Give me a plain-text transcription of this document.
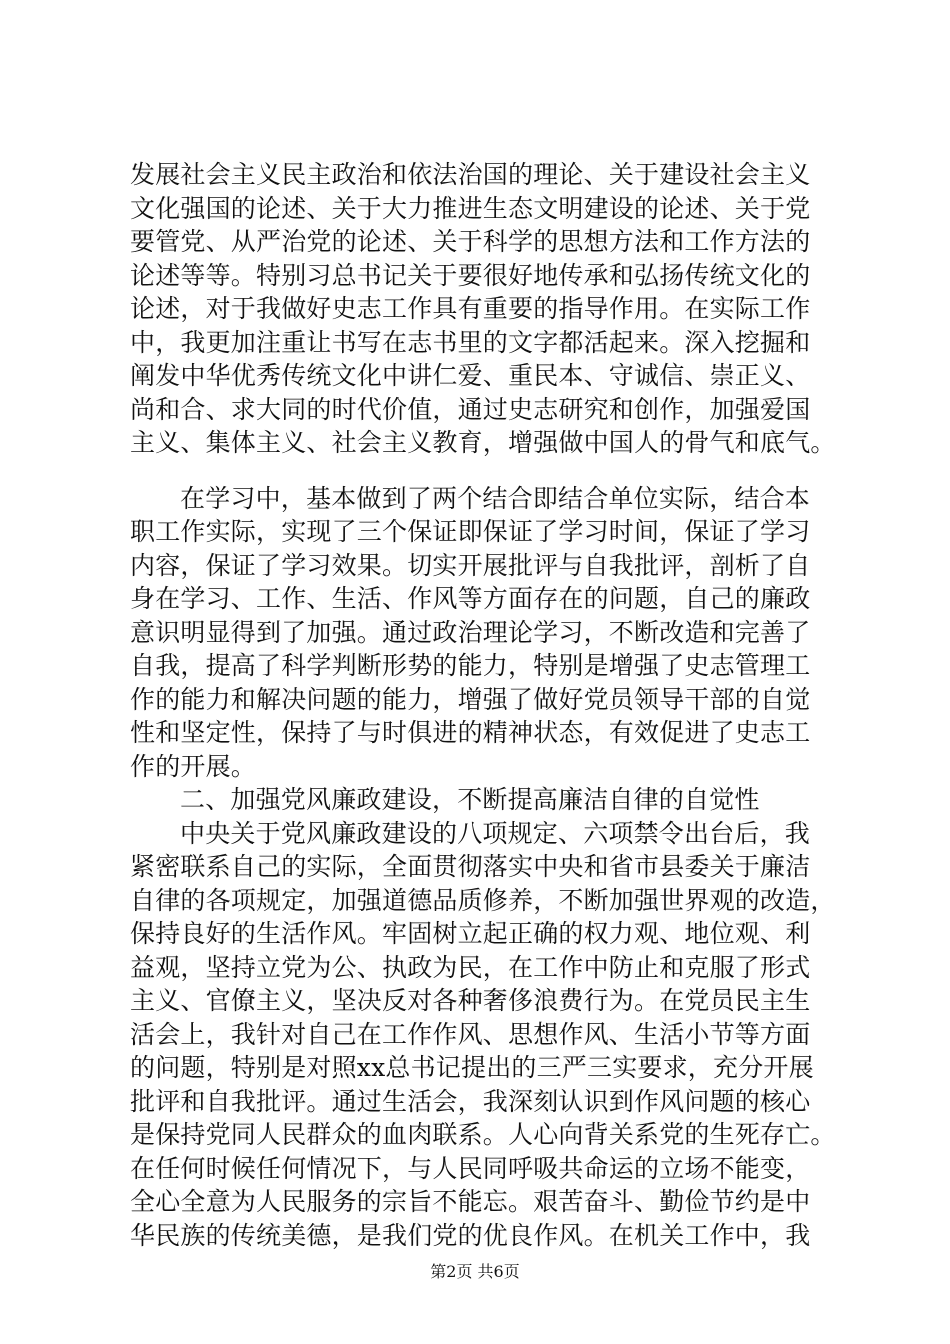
发展社会主义民主政治和依法治国的理论、关于建设社会主义
文化强国的论述、关于大力推进生态文明建设的论述、关于党
要管党、从严治党的论述、关于科学的思想方法和工作方法的
论述等等。特别习总书记关于要很好地传承和弘扬传统文化的
论述，对于我做好史志工作具有重要的指导作用。在实际工作
中，我更加注重让书写在志书里的文字都活起来。深入挖掘和
阐发中华优秀传统文化中讲仁爱、重民本、守诚信、崇正义、
尚和合、求大同的时代价值，通过史志研究和创作，加强爱国
主义、集体主义、社会主义教育，增强做中国人的骨气和底气。
在学习中，基本做到了两个结合即结合单位实际，结合本
职工作实际，实现了三个保证即保证了学习时间，保证了学习
内容，保证了学习效果。切实开展批评与自我批评，剖析了自
身在学习、工作、生活、作风等方面存在的问题，自己的廉政
意识明显得到了加强。通过政治理论学习，不断改造和完善了
自我，提高了科学判断形势的能力，特别是增强了史志管理工
作的能力和解决问题的能力，增强了做好党员领导干部的自觉
性和坚定性，保持了与时俱进的精神状态，有效促进了史志工
作的开展。
二、加强党风廉政建设，不断提高廉洁自律的自觉性
中央关于党风廉政建设的八项规定、六项禁令出台后，我
紧密联系自己的实际，全面贯彻落实中央和省市县委关于廉洁
自律的各项规定，加强道德品质修养，不断加强世界观的改造，
保持良好的生活作风。牢固树立起正确的权力观、地位观、利
益观，坚持立党为公、执政为民，在工作中防止和克服了形式
主义、官僚主义，坚决反对各种奢侈浪费行为。在党员民主生
活会上，我针对自己在工作作风、思想作风、生活小节等方面
的问题，特别是对照xx总书记提出的三严三实要求，充分开展
批评和自我批评。通过生活会，我深刻认识到作风问题的核心
是保持党同人民群众的血肉联系。人心向背关系党的生死存亡。
在任何时候任何情况下，与人民同呼吸共命运的立场不能变，
全心全意为人民服务的宗旨不能忘。艰苦奋斗、勤俭节约是中
华民族的传统美德，是我们党的优良作风。在机关工作中，我
第2页 共6页
